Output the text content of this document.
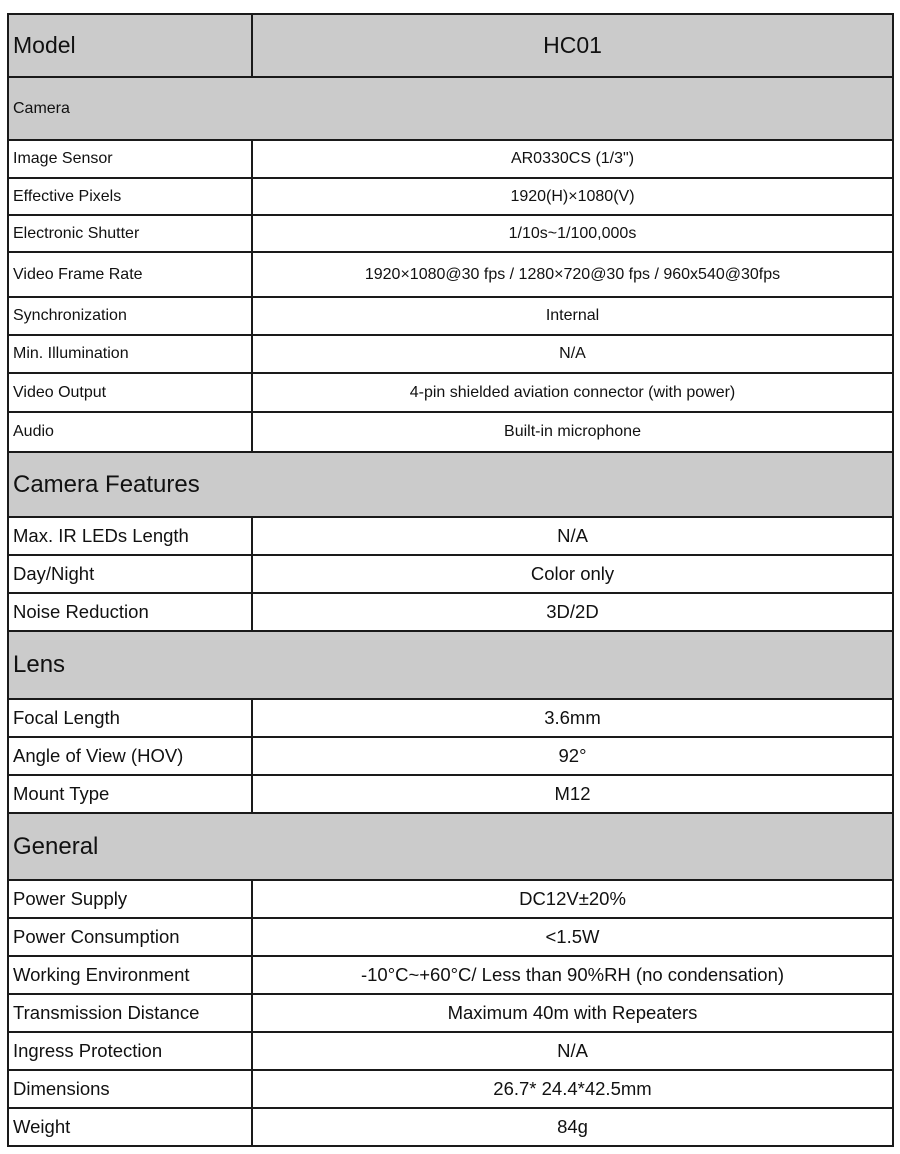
Model	HC01
Camera	
Image Sensor	AR0330CS (1/3")
Effective Pixels	1920(H)×1080(V)
Electronic Shutter	1/10s~1/100,000s
Video Frame Rate	1920×1080@30 fps / 1280×720@30 fps / 960x540@30fps
Synchronization	Internal
Min. Illumination	N/A
Video Output	4-pin shielded aviation connector (with power)
Audio	Built-in microphone
Camera Features	
Max. IR LEDs Length	N/A
Day/Night	Color only
Noise Reduction	3D/2D
Lens	
Focal Length	3.6mm
Angle of View (HOV)	92°
Mount Type	M12
General	
Power Supply	DC12V±20%
Power Consumption	<1.5W
Working Environment	-10°C~+60°C/ Less than 90%RH (no condensation)
Transmission Distance	Maximum 40m with Repeaters
Ingress Protection	N/A
Dimensions	26.7* 24.4*42.5mm
Weight	84g
